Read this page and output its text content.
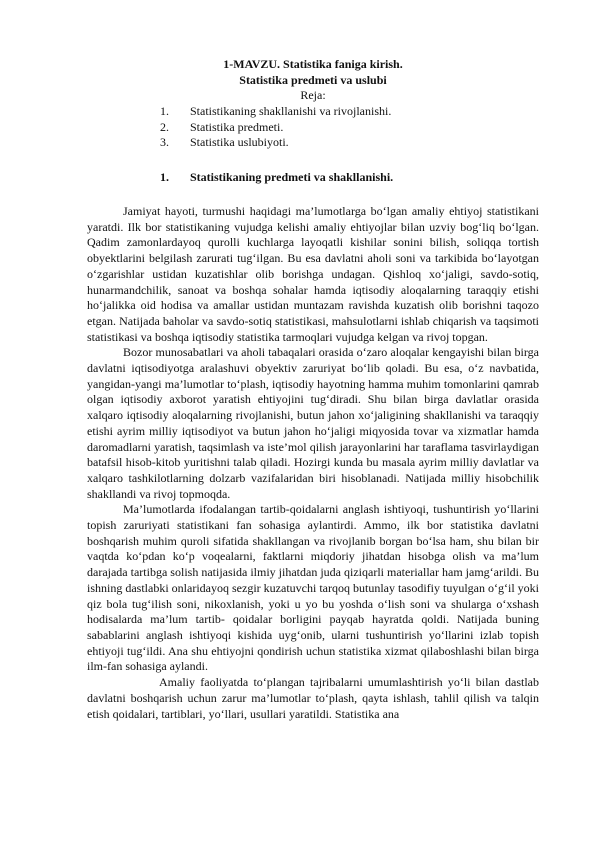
1-MAVZU. Statistika faniga kirish.
Statistika predmeti va uslubi
Reja:
1.	Statistikaning shakllanishi va rivojlanishi.
2.	Statistika predmeti.
3.	Statistika uslubiyoti.
1.	Statistikaning predmeti va shakllanishi.

Jamiyat hayoti, turmushi haqidagi ma’lumotlarga bo‘lgan amaliy ehtiyoj statistikani yaratdi. Ilk bor statistikaning vujudga kelishi amaliy ehtiyojlar bilan uzviy bog‘liq bo‘lgan. Qadim zamonlardayoq qurolli kuchlarga layoqatli kishilar sonini bilish, soliqqa tortish obyektlarini belgilash zarurati tug‘ilgan. Bu esa davlatni aholi soni va tarkibida bo‘layotgan o‘zgarishlar ustidan kuzatishlar olib borishga undagan. Qishloq xo‘jaligi, savdo-sotiq, hunarmandchilik, sanoat va boshqa sohalar hamda iqtisodiy aloqalarning taraqqiy etishi ho‘jalikka oid hodisa va amallar ustidan muntazam ravishda kuzatish olib borishni taqozo etgan. Natijada baholar va savdo-sotiq statistikasi, mahsulotlarni ishlab chiqarish va taqsimoti statistikasi va boshqa iqtisodiy statistika tarmoqlari vujudga kelgan va rivoj topgan.

Bozor munosabatlari va aholi tabaqalari orasida o‘zaro aloqalar kengayishi bilan birga davlatni iqtisodiyotga aralashuvi obyektiv zaruriyat bo‘lib qoladi. Bu esa, o‘z navbatida, yangidan-yangi ma’lumotlar to‘plash, iqtisodiy hayotning hamma muhim tomonlarini qamrab olgan iqtisodiy axborot yaratish ehtiyojini tug‘diradi. Shu bilan birga davlatlar orasida xalqaro iqtisodiy aloqalarning rivojlanishi, butun jahon xo‘jaligining shakllanishi va taraqqiy etishi ayrim milliy iqtisodiyot va butun jahon ho‘jaligi miqyosida tovar va xizmatlar hamda daromadlarni yaratish, taqsimlash va iste’mol qilish jarayonlarini har taraflama tasvirlaydigan batafsil hisob-kitob yuritishni talab qiladi. Hozirgi kunda bu masala ayrim milliy davlatlar va xalqaro tashkilotlarning dolzarb vazifalaridan biri hisoblanadi. Natijada milliy hisobchilik shakllandi va rivoj topmoqda.

Ma’lumotlarda ifodalangan tartib-qoidalarni anglash ishtiyoqi, tushuntirish yo‘llarini topish zaruriyati statistikani fan sohasiga aylantirdi. Ammo, ilk bor statistika davlatni boshqarish muhim quroli sifatida shakllangan va rivojlanib borgan bo‘lsa ham, shu bilan bir vaqtda ko‘pdan ko‘p voqealarni, faktlarni miqdoriy jihatdan hisobga olish va ma’lum darajada tartibga solish natijasida ilmiy jihatdan juda qiziqarli materiallar ham jamg‘arildi. Bu ishning dastlabki onlaridayoq sezgir kuzatuvchi tarqoq butunlay tasodifiy tuyulgan o‘g‘il yoki qiz bola tug‘ilish soni, nikoxlanish, yoki u yo bu yoshda o‘lish soni va shularga o‘xshash hodisalarda ma’lum tartib- qoidalar borligini payqab hayratda qoldi. Natijada buning sabablarini anglash ishtiyoqi kishida uyg‘onib, ularni tushuntirish yo‘llarini izlab topish ehtiyoji tug‘ildi. Ana shu ehtiyojni qondirish uchun statistika xizmat qilaboshlashi bilan birga ilm-fan sohasiga aylandi.

Amaliy faoliyatda to‘plangan tajribalarni umumlashtirish yo‘li bilan dastlab davlatni boshqarish uchun zarur ma’lumotlar to‘plash, qayta ishlash, tahlil qilish va talqin etish qoidalari, tartiblari, yo‘llari, usullari yaratildi. Statistika ana
